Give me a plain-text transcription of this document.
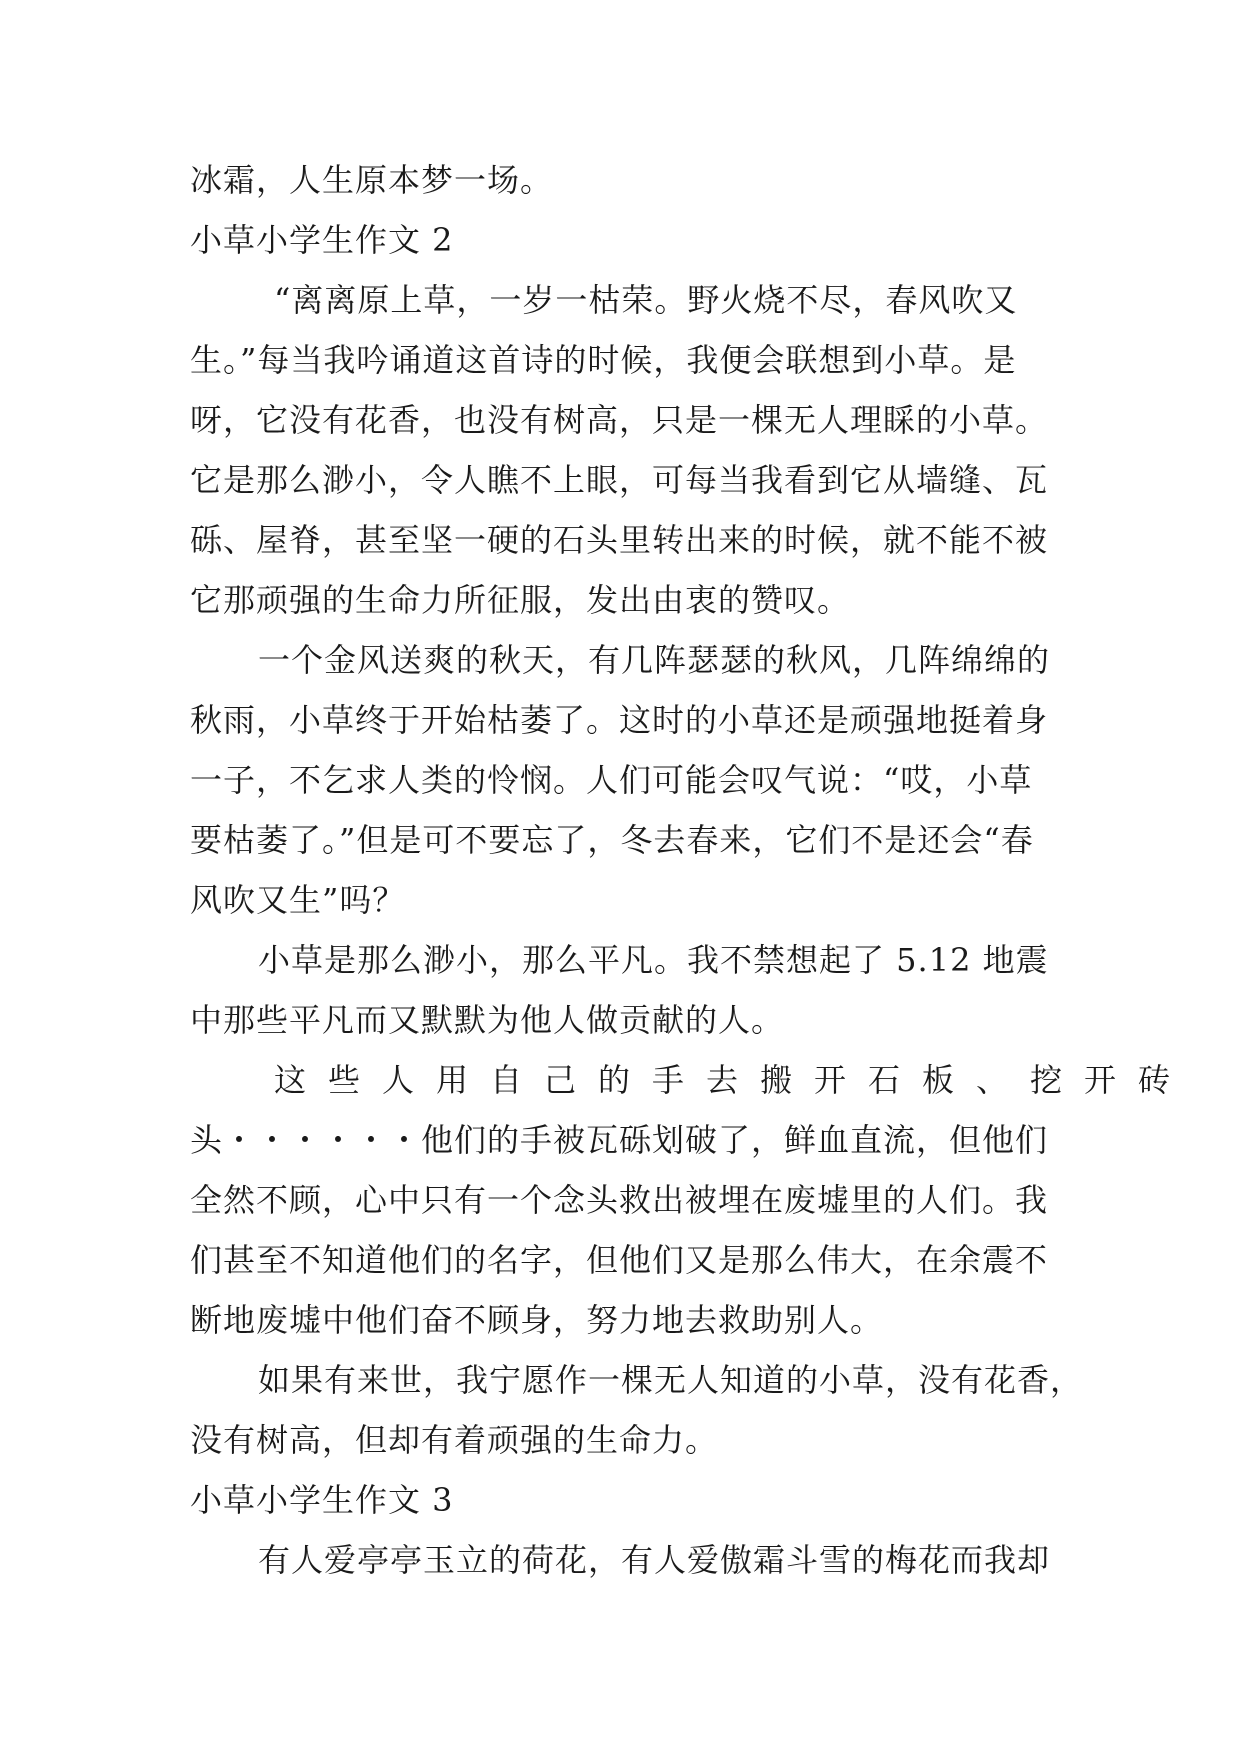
冰霜，人生原本梦一场。
小草小学生作文 2
“离离原上草，一岁一枯荣。野火烧不尽，春风吹又
生。”每当我吟诵道这首诗的时候，我便会联想到小草。是
呀，它没有花香，也没有树高，只是一棵无人理睬的小草。
它是那么渺小，令人瞧不上眼，可每当我看到它从墙缝、瓦
砾、屋脊，甚至坚一硬的石头里转出来的时候，就不能不被
它那顽强的生命力所征服，发出由衷的赞叹。
一个金风送爽的秋天，有几阵瑟瑟的秋风，几阵绵绵的
秋雨，小草终于开始枯萎了。这时的小草还是顽强地挺着身
一子，不乞求人类的怜悯。人们可能会叹气说：“哎，小草
要枯萎了。”但是可不要忘了，冬去春来，它们不是还会“春
风吹又生”吗？
小草是那么渺小，那么平凡。我不禁想起了 5.12 地震
中那些平凡而又默默为他人做贡献的人。
这些人用自己的手去搬开石板、挖开砖
头・・・・・・他们的手被瓦砾划破了，鲜血直流，但他们
全然不顾，心中只有一个念头救出被埋在废墟里的人们。我
们甚至不知道他们的名字，但他们又是那么伟大，在余震不
断地废墟中他们奋不顾身，努力地去救助别人。
如果有来世，我宁愿作一棵无人知道的小草，没有花香，
没有树高，但却有着顽强的生命力。
小草小学生作文 3
有人爱亭亭玉立的荷花，有人爱傲霜斗雪的梅花而我却
